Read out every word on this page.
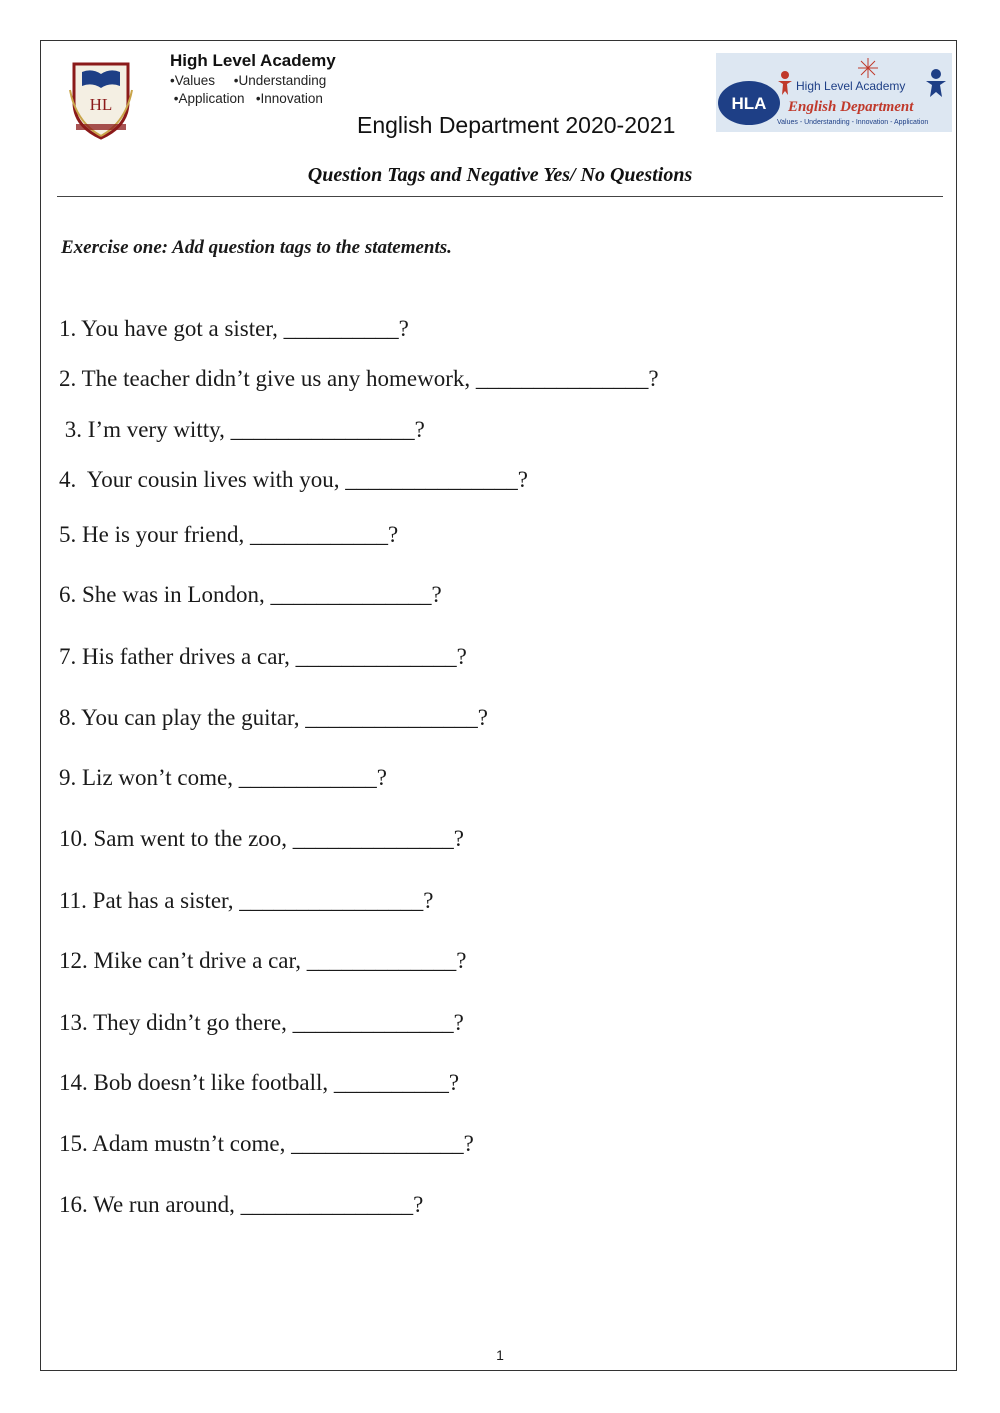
HL
High Level Academy
•Values •Understanding
•Application •Innovation
English Department 2020-2021
HLA
High Level Academy
English Department
Values - Understanding - Innovation - Application
Question Tags and Negative Yes/ No Questions
Exercise one: Add question tags to the statements.
1. You have got a sister, __________?
2. The teacher didn’t give us any homework, _______________?
3. I’m very witty, ________________?
4.  Your cousin lives with you, _______________?
5. He is your friend, ____________?
6. She was in London, ______________?
7. His father drives a car, ______________?
8. You can play the guitar, _______________?
9. Liz won’t come, ____________?
10. Sam went to the zoo, ______________?
11. Pat has a sister, ________________?
12. Mike can’t drive a car, _____________?
13. They didn’t go there, ______________?
14. Bob doesn’t like football, __________?
15. Adam mustn’t come, _______________?
16. We run around, _______________?
1
